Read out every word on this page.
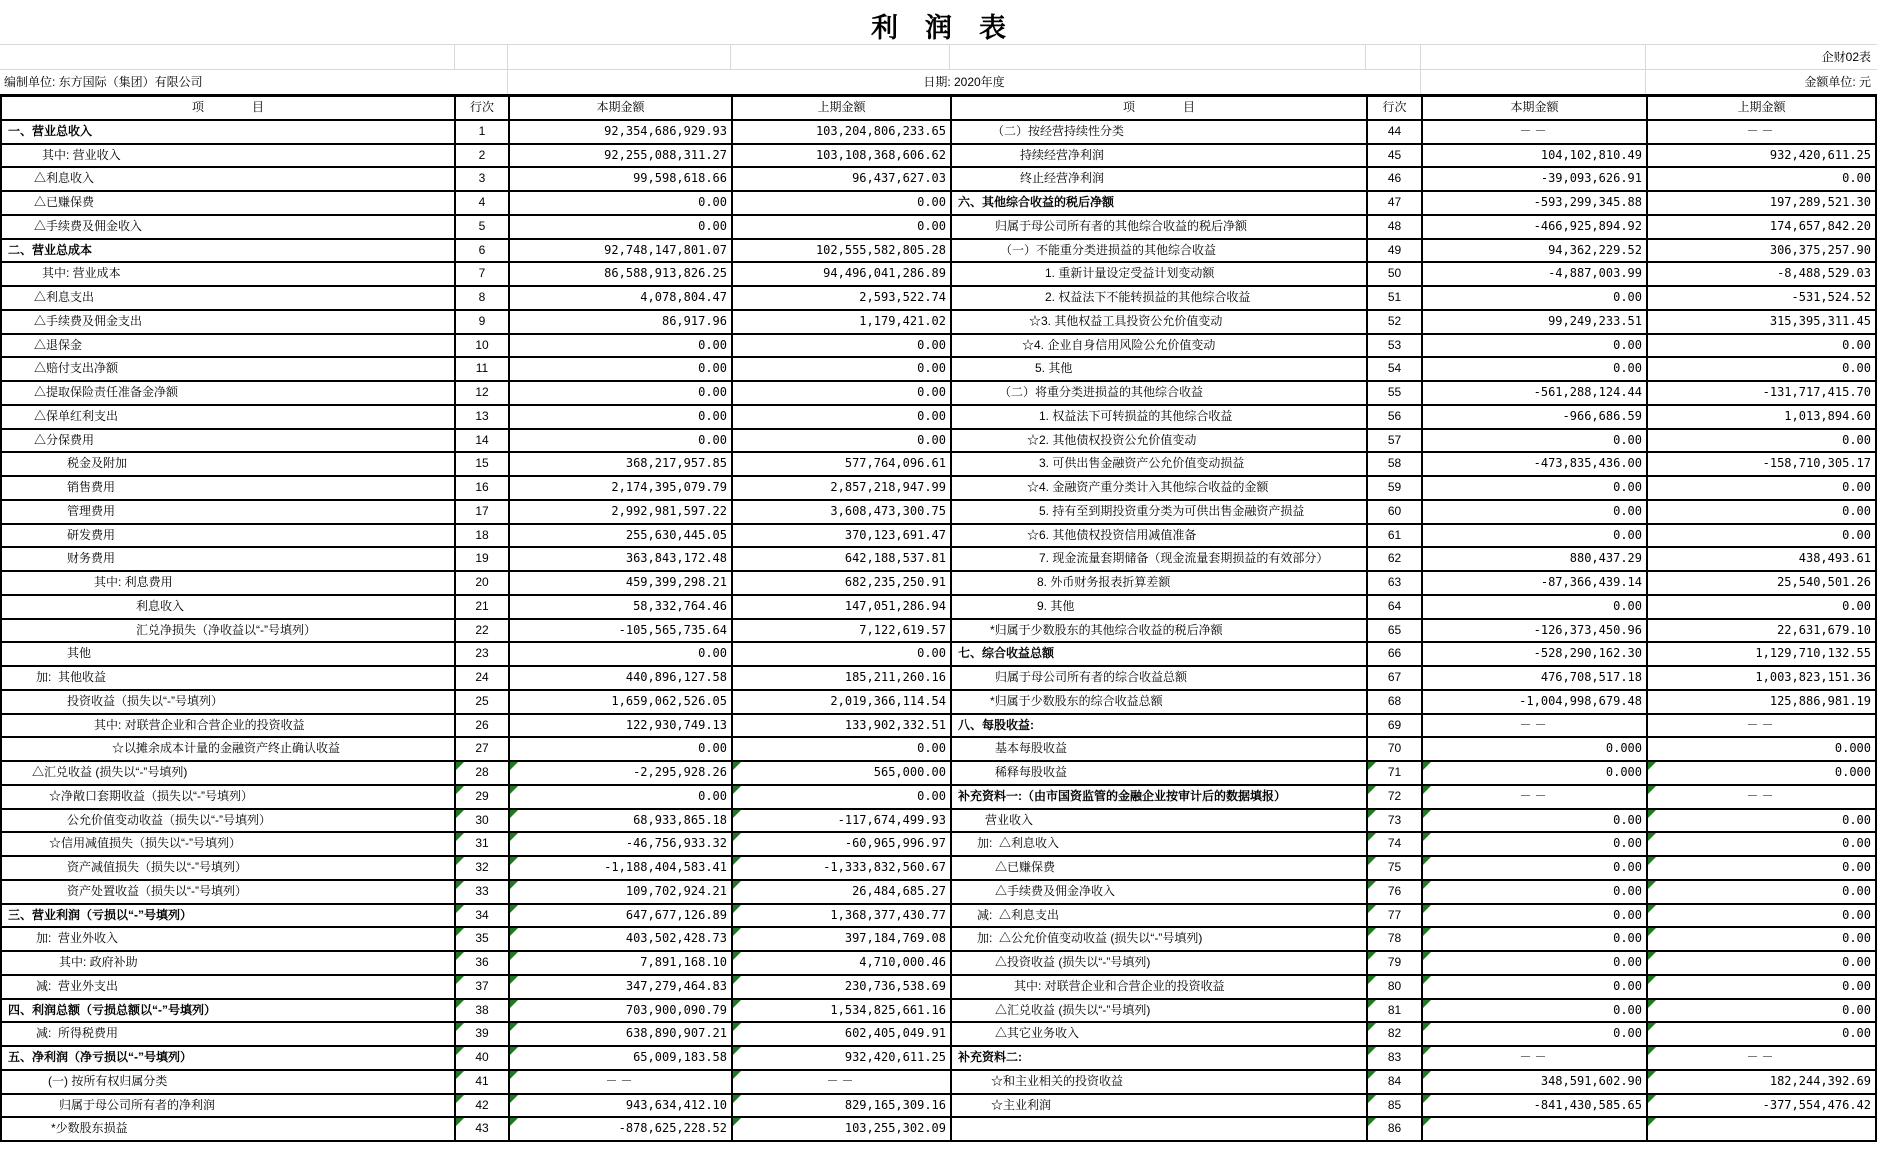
利　润　表
企财02表
编制单位: 东方国际（集团）有限公司	日期: 2020年度	金额单位: 元
项　　　　目	行次	本期金额	上期金额	项　　　　目	行次	本期金额	上期金额
一、营业总收入	1	92,354,686,929.93	103,204,806,233.65	（二）按经营持续性分类	44	－－	－－
其中: 营业收入	2	92,255,088,311.27	103,108,368,606.62	持续经营净利润	45	104,102,810.49	932,420,611.25
△利息收入	3	99,598,618.66	96,437,627.03	终止经营净利润	46	-39,093,626.91	0.00
△已赚保费	4	0.00	0.00	六、其他综合收益的税后净额	47	-593,299,345.88	197,289,521.30
△手续费及佣金收入	5	0.00	0.00	归属于母公司所有者的其他综合收益的税后净额	48	-466,925,894.92	174,657,842.20
二、营业总成本	6	92,748,147,801.07	102,555,582,805.28	（一）不能重分类进损益的其他综合收益	49	94,362,229.52	306,375,257.90
其中: 营业成本	7	86,588,913,826.25	94,496,041,286.89	1. 重新计量设定受益计划变动额	50	-4,887,003.99	-8,488,529.03
△利息支出	8	4,078,804.47	2,593,522.74	2. 权益法下不能转损益的其他综合收益	51	0.00	-531,524.52
△手续费及佣金支出	9	86,917.96	1,179,421.02	☆3. 其他权益工具投资公允价值变动	52	99,249,233.51	315,395,311.45
△退保金	10	0.00	0.00	☆4. 企业自身信用风险公允价值变动	53	0.00	0.00
△赔付支出净额	11	0.00	0.00	5. 其他	54	0.00	0.00
△提取保险责任准备金净额	12	0.00	0.00	（二）将重分类进损益的其他综合收益	55	-561,288,124.44	-131,717,415.70
△保单红利支出	13	0.00	0.00	1. 权益法下可转损益的其他综合收益	56	-966,686.59	1,013,894.60
△分保费用	14	0.00	0.00	☆2. 其他债权投资公允价值变动	57	0.00	0.00
税金及附加	15	368,217,957.85	577,764,096.61	3. 可供出售金融资产公允价值变动损益	58	-473,835,436.00	-158,710,305.17
销售费用	16	2,174,395,079.79	2,857,218,947.99	☆4. 金融资产重分类计入其他综合收益的金额	59	0.00	0.00
管理费用	17	2,992,981,597.22	3,608,473,300.75	5. 持有至到期投资重分类为可供出售金融资产损益	60	0.00	0.00
研发费用	18	255,630,445.05	370,123,691.47	☆6. 其他债权投资信用减值准备	61	0.00	0.00
财务费用	19	363,843,172.48	642,188,537.81	7. 现金流量套期储备（现金流量套期损益的有效部分）	62	880,437.29	438,493.61
其中: 利息费用	20	459,399,298.21	682,235,250.91	8. 外币财务报表折算差额	63	-87,366,439.14	25,540,501.26
利息收入	21	58,332,764.46	147,051,286.94	9. 其他	64	0.00	0.00
汇兑净损失（净收益以“-”号填列）	22	-105,565,735.64	7,122,619.57	*归属于少数股东的其他综合收益的税后净额	65	-126,373,450.96	22,631,679.10
其他	23	0.00	0.00	七、综合收益总额	66	-528,290,162.30	1,129,710,132.55
加:  其他收益	24	440,896,127.58	185,211,260.16	归属于母公司所有者的综合收益总额	67	476,708,517.18	1,003,823,151.36
投资收益（损失以“-”号填列）	25	1,659,062,526.05	2,019,366,114.54	*归属于少数股东的综合收益总额	68	-1,004,998,679.48	125,886,981.19
其中: 对联营企业和合营企业的投资收益	26	122,930,749.13	133,902,332.51	八、每股收益:	69	－－	－－
☆以摊余成本计量的金融资产终止确认收益	27	0.00	0.00	基本每股收益	70	0.000	0.000
△汇兑收益 (损失以“-”号填列)	28	-2,295,928.26	565,000.00	稀释每股收益	71	0.000	0.000
☆净敞口套期收益（损失以“-”号填列）	29	0.00	0.00	补充资料一:（由市国资监管的金融企业按审计后的数据填报）	72	－－	－－
公允价值变动收益（损失以“-”号填列）	30	68,933,865.18	-117,674,499.93	营业收入	73	0.00	0.00
☆信用减值损失（损失以“-”号填列）	31	-46,756,933.32	-60,965,996.97	加:  △利息收入	74	0.00	0.00
资产减值损失（损失以“-”号填列）	32	-1,188,404,583.41	-1,333,832,560.67	△已赚保费	75	0.00	0.00
资产处置收益（损失以“-”号填列）	33	109,702,924.21	26,484,685.27	△手续费及佣金净收入	76	0.00	0.00
三、营业利润（亏损以“-”号填列）	34	647,677,126.89	1,368,377,430.77	减:  △利息支出	77	0.00	0.00
加:  营业外收入	35	403,502,428.73	397,184,769.08	加:  △公允价值变动收益 (损失以“-”号填列)	78	0.00	0.00
其中: 政府补助	36	7,891,168.10	4,710,000.46	△投资收益 (损失以“-”号填列)	79	0.00	0.00
减:  营业外支出	37	347,279,464.83	230,736,538.69	其中: 对联营企业和合营企业的投资收益	80	0.00	0.00
四、利润总额（亏损总额以“-”号填列）	38	703,900,090.79	1,534,825,661.16	△汇兑收益 (损失以“-”号填列)	81	0.00	0.00
减:  所得税费用	39	638,890,907.21	602,405,049.91	△其它业务收入	82	0.00	0.00
五、净利润（净亏损以“-”号填列）	40	65,009,183.58	932,420,611.25	补充资料二:	83	－－	－－
(一) 按所有权归属分类	41	－－	－－	☆和主业相关的投资收益	84	348,591,602.90	182,244,392.69
归属于母公司所有者的净利润	42	943,634,412.10	829,165,309.16	☆主业利润	85	-841,430,585.65	-377,554,476.42
*少数股东损益	43	-878,625,228.52	103,255,302.09	86
